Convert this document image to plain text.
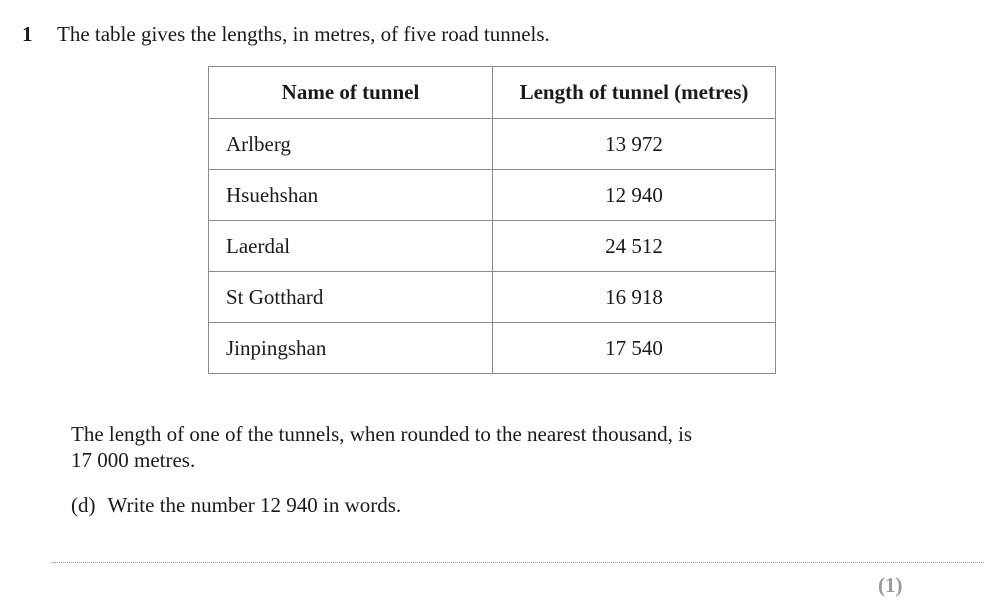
1 The table gives the lengths, in metres, of five road tunnels.
Name of tunnel	Length of tunnel (metres)
Arlberg	13 972
Hsuehshan	12 940
Laerdal	24 512
St Gotthard	16 918
Jinpingshan	17 540
The length of one of the tunnels, when rounded to the nearest thousand, is
17 000 metres.
(d) Write the number 12 940 in words.
(1)
